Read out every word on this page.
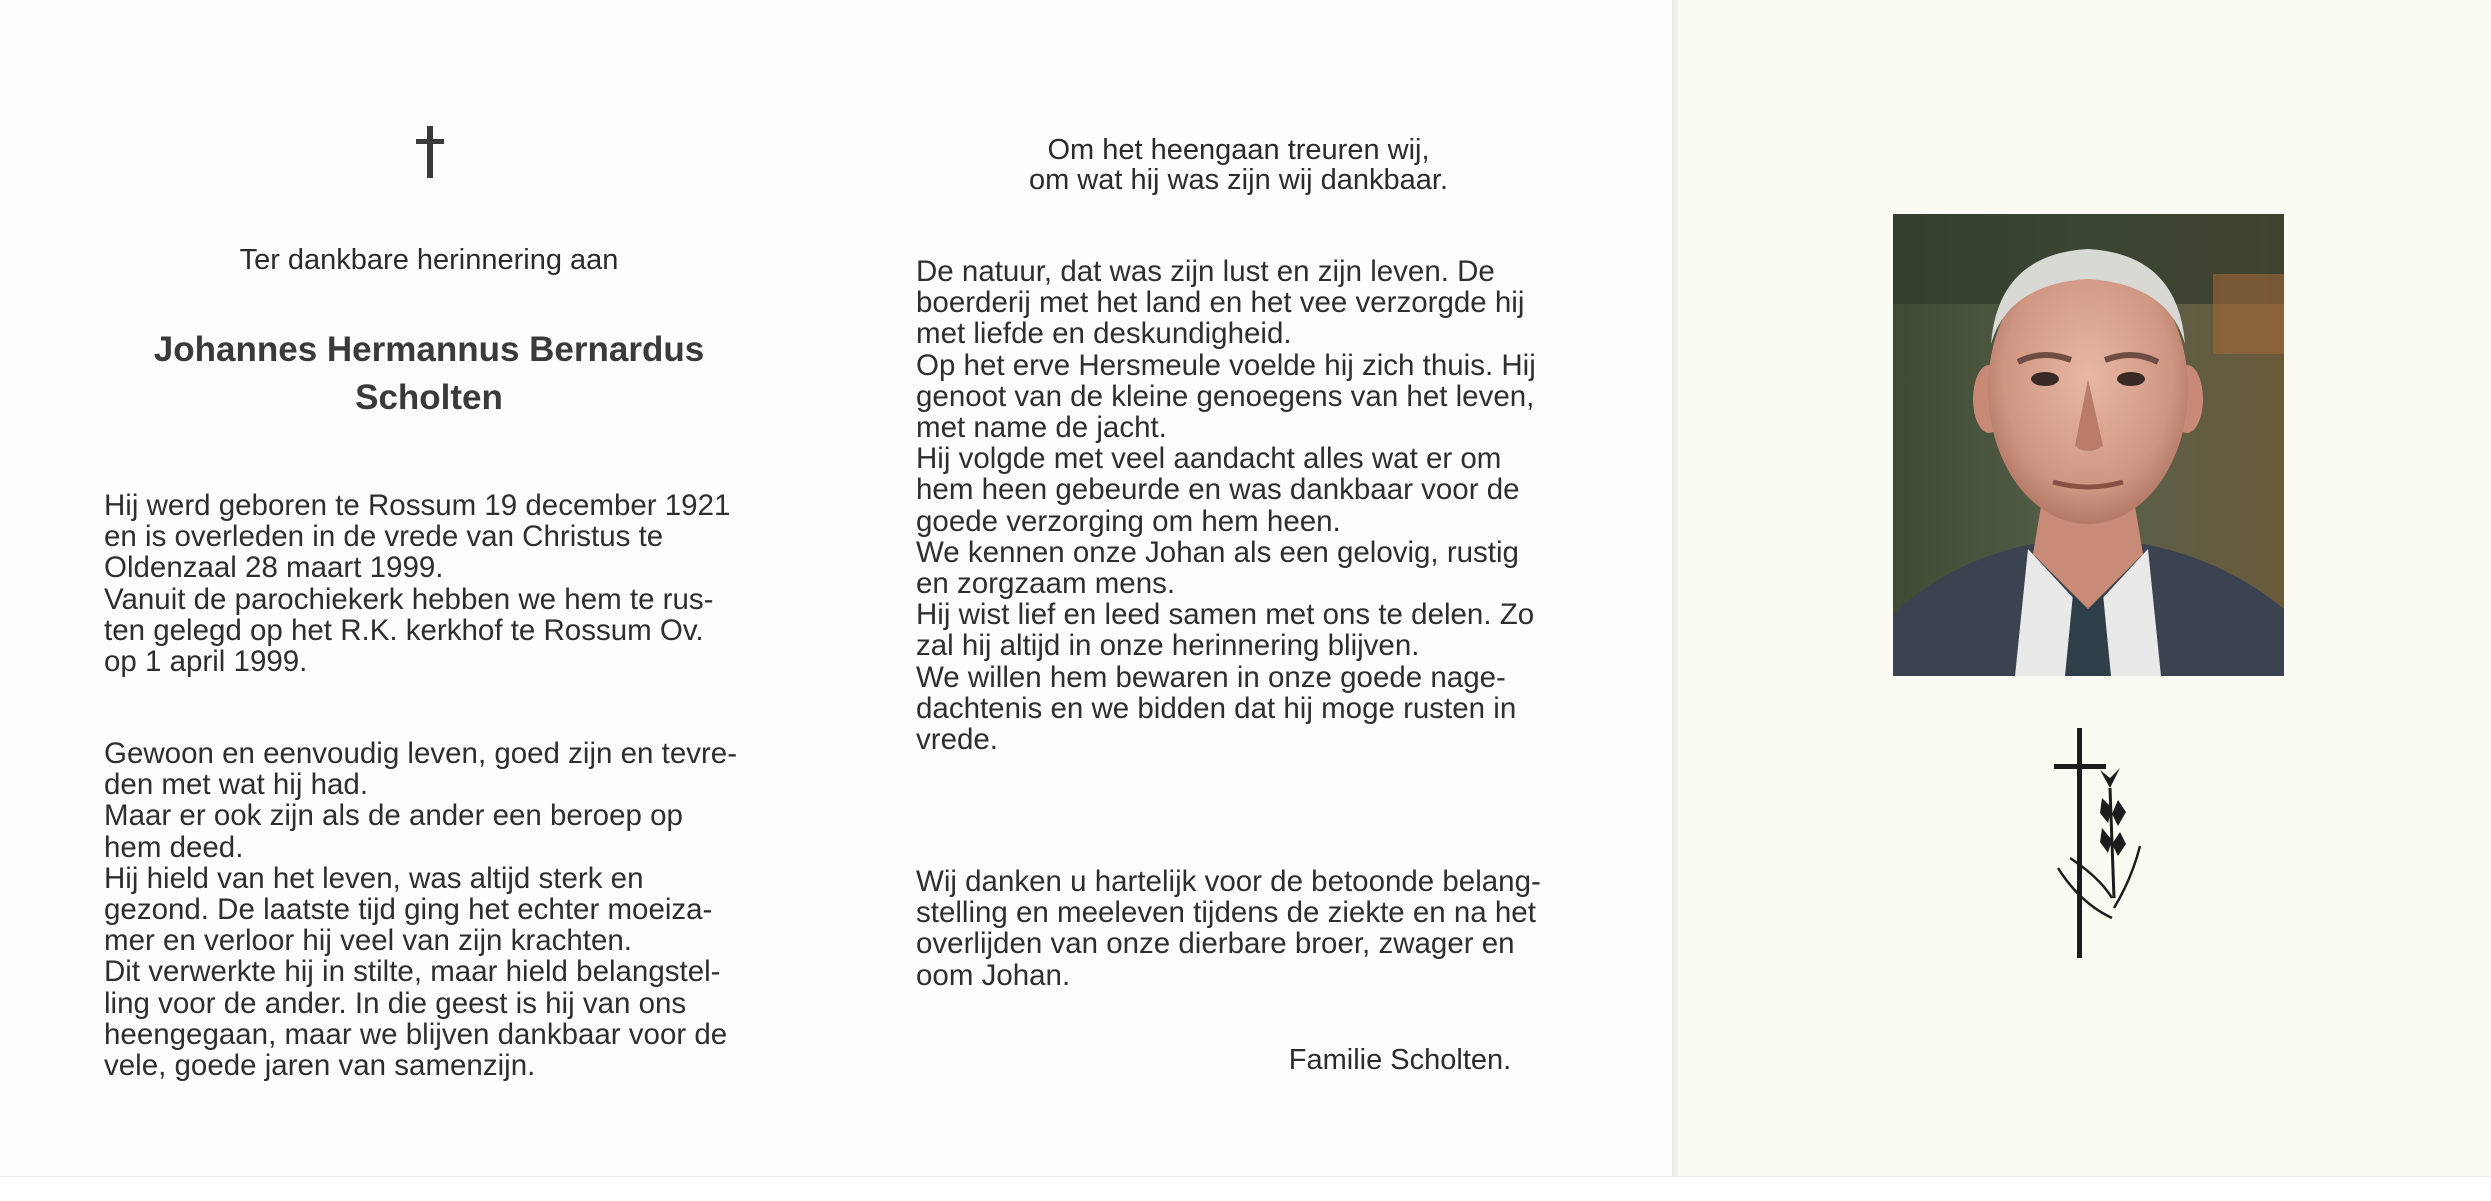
Ter dankbare herinnering aan
Johannes Hermannus Bernardus
Scholten
Hij werd geboren te Rossum 19 december 1921
en is overleden in de vrede van Christus te
Oldenzaal 28 maart 1999.
Vanuit de parochiekerk hebben we hem te rus-
ten gelegd op het R.K. kerkhof te Rossum Ov.
op 1 april 1999.
Gewoon en eenvoudig leven, goed zijn en tevre-
den met wat hij had.
Maar er ook zijn als de ander een beroep op
hem deed.
Hij hield van het leven, was altijd sterk en
gezond. De laatste tijd ging het echter moeiza-
mer en verloor hij veel van zijn krachten.
Dit verwerkte hij in stilte, maar hield belangstel-
ling voor de ander. In die geest is hij van ons
heengegaan, maar we blijven dankbaar voor de
vele, goede jaren van samenzijn.
Om het heengaan treuren wij,
om wat hij was zijn wij dankbaar.
De natuur, dat was zijn lust en zijn leven. De
boerderij met het land en het vee verzorgde hij
met liefde en deskundigheid.
Op het erve Hersmeule voelde hij zich thuis. Hij
genoot van de kleine genoegens van het leven,
met name de jacht.
Hij volgde met veel aandacht alles wat er om
hem heen gebeurde en was dankbaar voor de
goede verzorging om hem heen.
We kennen onze Johan als een gelovig, rustig
en zorgzaam mens.
Hij wist lief en leed samen met ons te delen. Zo
zal hij altijd in onze herinnering blijven.
We willen hem bewaren in onze goede nage-
dachtenis en we bidden dat hij moge rusten in
vrede.
Wij danken u hartelijk voor de betoonde belang-
stelling en meeleven tijdens de ziekte en na het
overlijden van onze dierbare broer, zwager en
oom Johan.
Familie Scholten.
